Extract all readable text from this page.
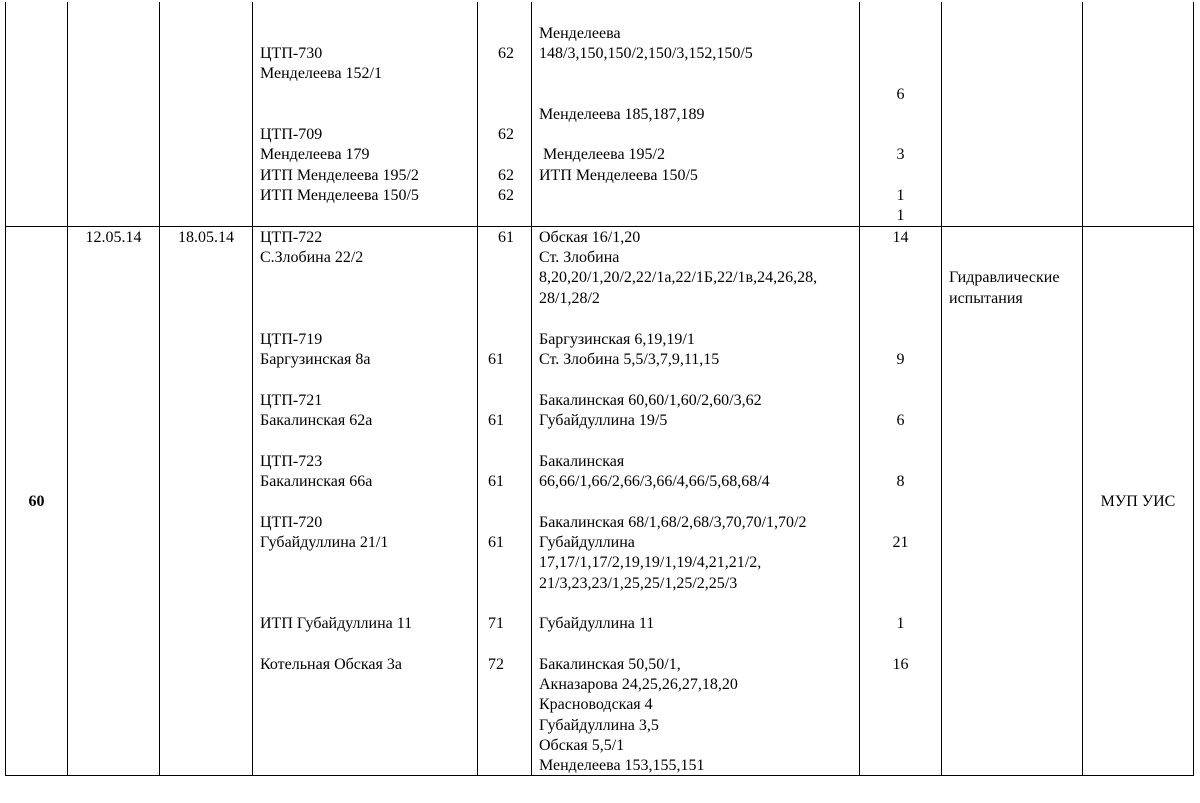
ЦТП-730
Менделеева 152/1
ЦТП-709
Менделеева 179
ИТП Менделеева 195/2
ИТП Менделеева 150/5
62
62
62
62
Менделеева
148/3,150,150/2,150/3,152,150/5
Менделеева 185,187,189
Менделеева 195/2
ИТП Менделеева 150/5
6
3
1
1
60
12.05.14	18.05.14	ЦТП-722
С.Злобина 22/2
ЦТП-719
Баргузинская 8а
ЦТП-721
Бакалинская 62а
ЦТП-723
Бакалинская 66а
ЦТП-720
Губайдуллина 21/1
ИТП Губайдуллина 11
Котельная Обская 3а
61
61
61
61
61
71
72
Обская 16/1,20
Ст. Злобина
8,20,20/1,20/2,22/1а,22/1Б,22/1в,24,26,28,
28/1,28/2
Баргузинская 6,19,19/1
Ст. Злобина 5,5/3,7,9,11,15
Бакалинская 60,60/1,60/2,60/3,62
Губайдуллина 19/5
Бакалинская
66,66/1,66/2,66/3,66/4,66/5,68,68/4
Бакалинская 68/1,68/2,68/3,70,70/1,70/2
Губайдуллина
17,17/1,17/2,19,19/1,19/4,21,21/2,
21/3,23,23/1,25,25/1,25/2,25/3
Губайдуллина 11
Бакалинская 50,50/1,
Акназарова 24,25,26,27,18,20
Красноводская 4
Губайдуллина 3,5
Обская 5,5/1
Менделеева 153,155,151
14
9
6
8
21
1
16
Гидравлические
испытания
МУП УИС
